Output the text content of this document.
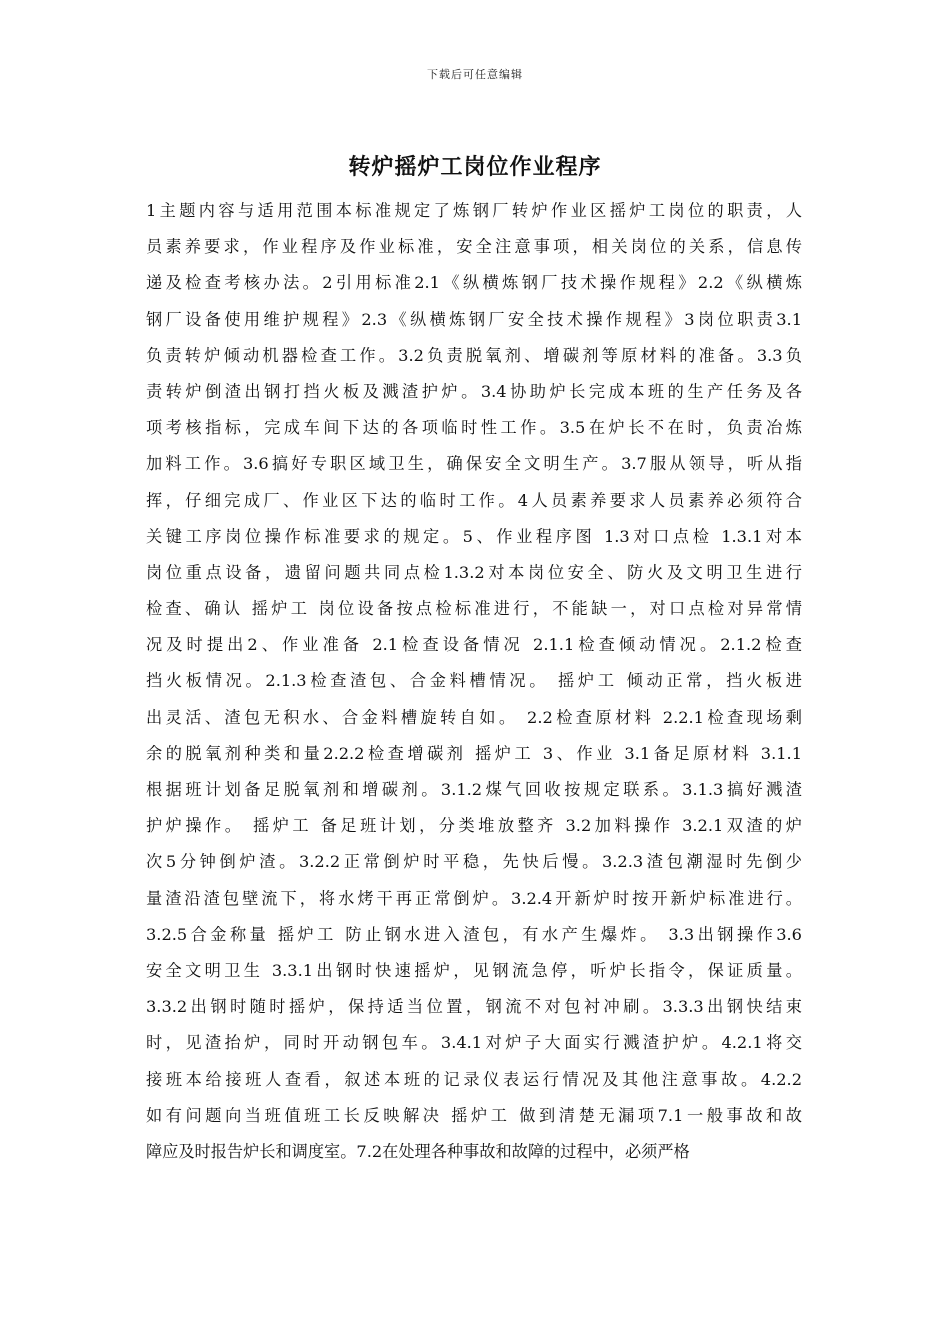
下载后可任意编辑
转炉摇炉工岗位作业程序
1主题内容与适用范围本标准规定了炼钢厂转炉作业区摇炉工岗位的职责，人
员素养要求，作业程序及作业标准，安全注意事项，相关岗位的关系，信息传
递及检查考核办法。2引用标准2.1《纵横炼钢厂技术操作规程》2.2《纵横炼
钢厂设备使用维护规程》2.3《纵横炼钢厂安全技术操作规程》3岗位职责3.1
负责转炉倾动机器检查工作。3.2负责脱氧剂、增碳剂等原材料的准备。3.3负
责转炉倒渣出钢打挡火板及溅渣护炉。3.4协助炉长完成本班的生产任务及各
项考核指标，完成车间下达的各项临时性工作。3.5在炉长不在时，负责冶炼
加料工作。3.6搞好专职区域卫生，确保安全文明生产。3.7服从领导，听从指
挥，仔细完成厂、作业区下达的临时工作。4人员素养要求人员素养必须符合
关键工序岗位操作标准要求的规定。5、作业程序图 1.3对口点检 1.3.1对本
岗位重点设备，遗留问题共同点检1.3.2对本岗位安全、防火及文明卫生进行
检查、确认 摇炉工 岗位设备按点检标准进行，不能缺一，对口点检对异常情
况及时提出2、作业准备 2.1检查设备情况 2.1.1检查倾动情况。2.1.2检查
挡火板情况。2.1.3检查渣包、合金料槽情况。 摇炉工 倾动正常，挡火板进
出灵活、渣包无积水、合金料槽旋转自如。 2.2检查原材料 2.2.1检查现场剩
余的脱氧剂种类和量2.2.2检查增碳剂 摇炉工 3、作业 3.1备足原材料 3.1.1
根据班计划备足脱氧剂和增碳剂。3.1.2煤气回收按规定联系。3.1.3搞好溅渣
护炉操作。 摇炉工 备足班计划，分类堆放整齐 3.2加料操作 3.2.1双渣的炉
次5分钟倒炉渣。3.2.2正常倒炉时平稳，先快后慢。3.2.3渣包潮湿时先倒少
量渣沿渣包壁流下，将水烤干再正常倒炉。3.2.4开新炉时按开新炉标准进行。
3.2.5合金称量 摇炉工 防止钢水进入渣包，有水产生爆炸。 3.3出钢操作3.6
安全文明卫生 3.3.1出钢时快速摇炉，见钢流急停，听炉长指令，保证质量。
3.3.2出钢时随时摇炉，保持适当位置，钢流不对包衬冲刷。3.3.3出钢快结束
时，见渣抬炉，同时开动钢包车。3.4.1对炉子大面实行溅渣护炉。4.2.1将交
接班本给接班人查看，叙述本班的记录仪表运行情况及其他注意事故。4.2.2
如有问题向当班值班工长反映解决 摇炉工 做到清楚无漏项7.1一般事故和故
障应及时报告炉长和调度室。7.2在处理各种事故和故障的过程中，必须严格
